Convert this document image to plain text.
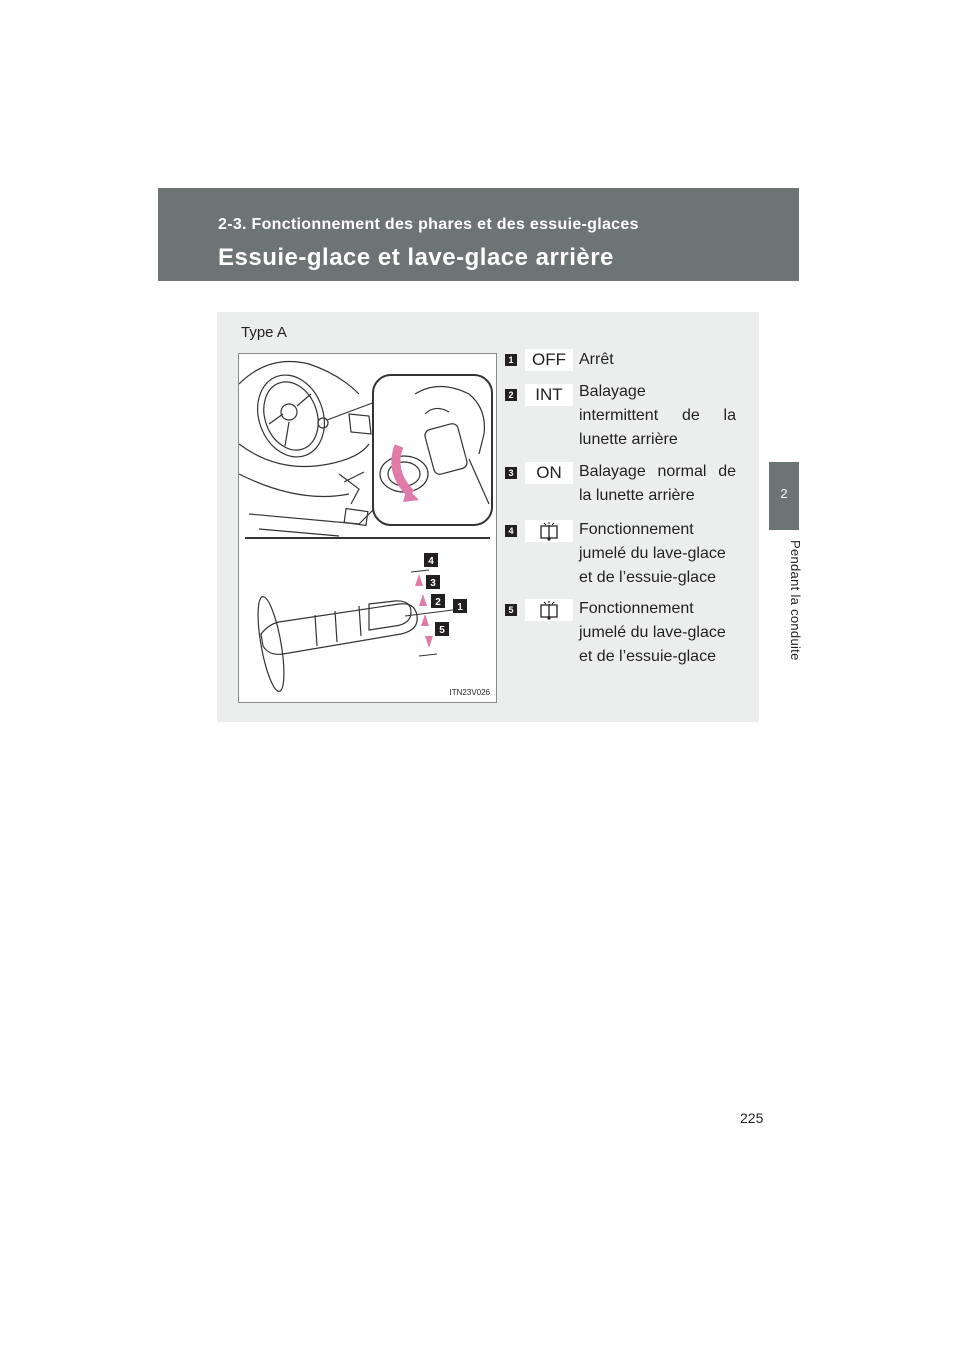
2-3. Fonctionnement des phares et des essuie-glaces
Essuie-glace et lave-glace arrière
2
Pendant la conduite
Type A
4
3
2 1
5
ITN23V026
1	OFF Arrêt
2	INT	Balayage
intermittent de la
lunette arrière
3	ON	Balayage normal de
la lunette arrière
4	Fonctionnement
jumelé du lave-glace
et de l’essuie-glace
5	Fonctionnement
jumelé du lave-glace
et de l’essuie-glace
225
